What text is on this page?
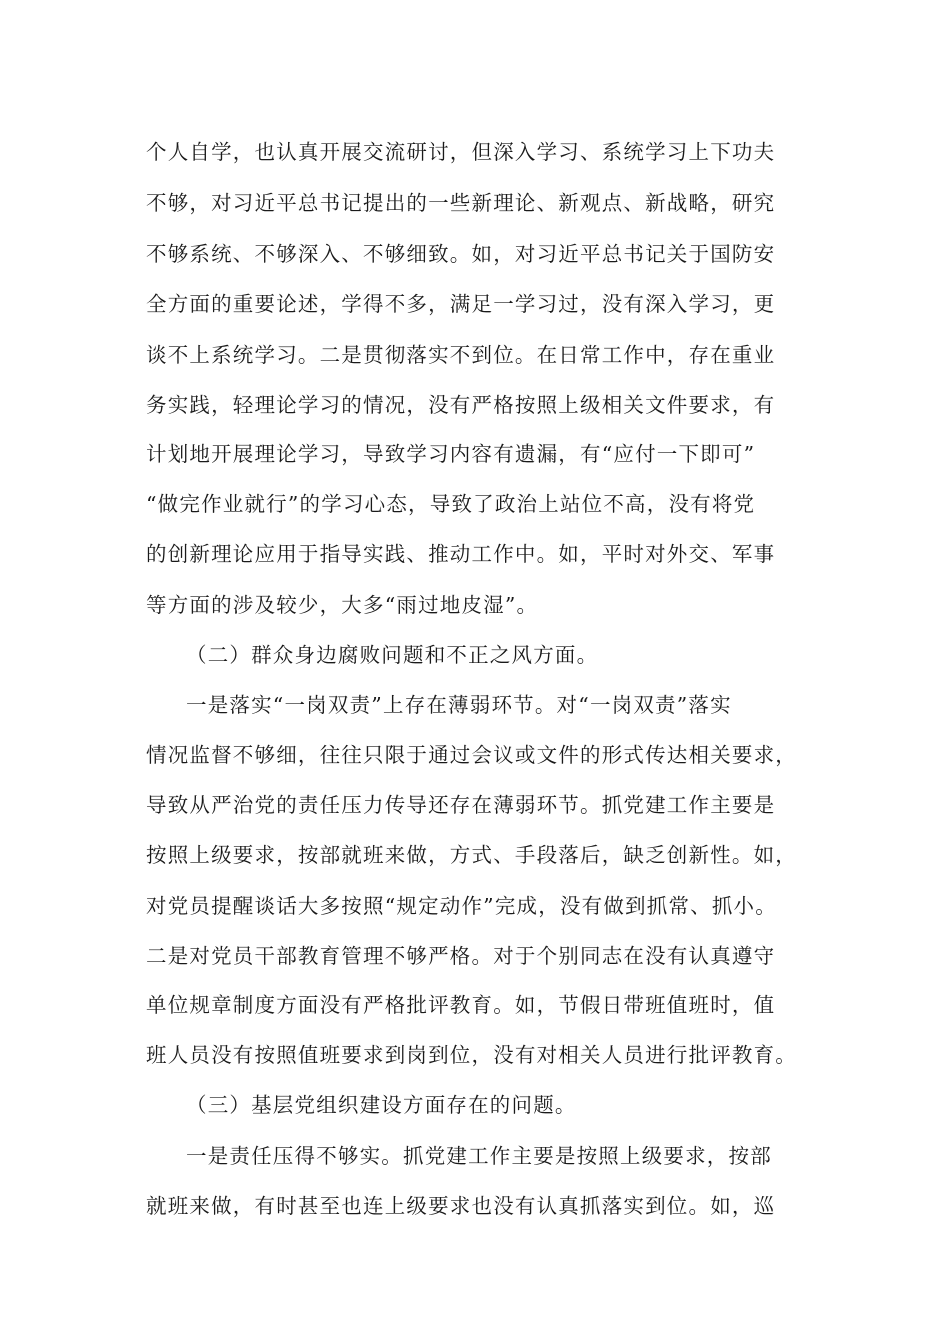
个人自学，也认真开展交流研讨，但深入学习、系统学习上下功夫
不够，对习近平总书记提出的一些新理论、新观点、新战略，研究
不够系统、不够深入、不够细致。如，对习近平总书记关于国防安
全方面的重要论述，学得不多，满足一学习过，没有深入学习，更
谈不上系统学习。二是贯彻落实不到位。在日常工作中，存在重业
务实践，轻理论学习的情况，没有严格按照上级相关文件要求，有
计划地开展理论学习，导致学习内容有遗漏，有“应付一下即可”
“做完作业就行”的学习心态，导致了政治上站位不高，没有将党
的创新理论应用于指导实践、推动工作中。如，平时对外交、军事
等方面的涉及较少，大多“雨过地皮湿”。
（二）群众身边腐败问题和不正之风方面。
一是落实“一岗双责”上存在薄弱环节。对“一岗双责”落实
情况监督不够细，往往只限于通过会议或文件的形式传达相关要求，
导致从严治党的责任压力传导还存在薄弱环节。抓党建工作主要是
按照上级要求，按部就班来做，方式、手段落后，缺乏创新性。如，
对党员提醒谈话大多按照“规定动作”完成，没有做到抓常、抓小。
二是对党员干部教育管理不够严格。对于个别同志在没有认真遵守
单位规章制度方面没有严格批评教育。如，节假日带班值班时，值
班人员没有按照值班要求到岗到位，没有对相关人员进行批评教育。
（三）基层党组织建设方面存在的问题。
一是责任压得不够实。抓党建工作主要是按照上级要求，按部
就班来做，有时甚至也连上级要求也没有认真抓落实到位。如，巡
